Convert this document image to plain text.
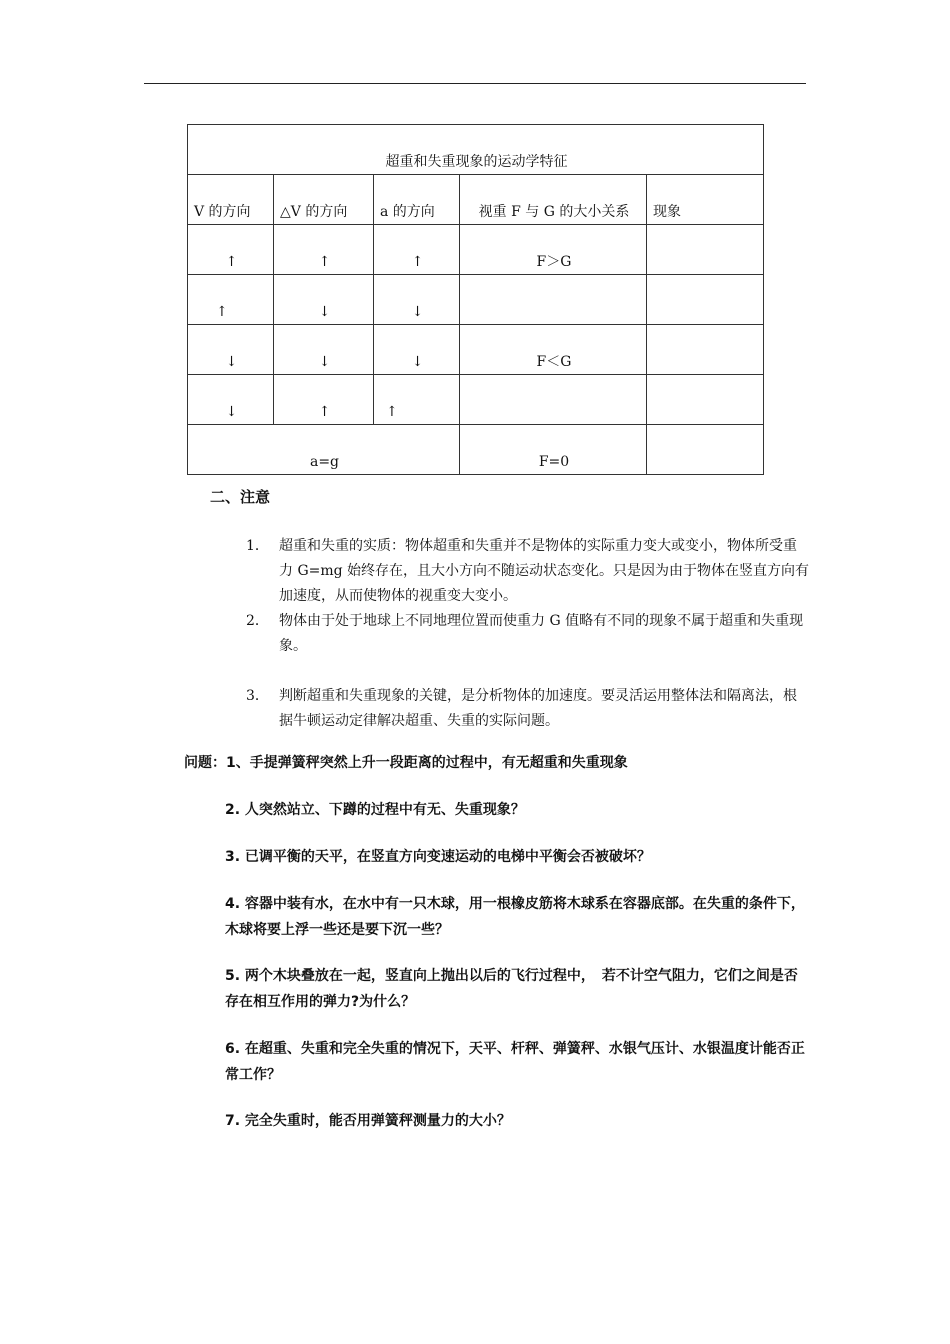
超重和失重现象的运动学特征				
V 的方向	△V 的方向	a 的方向	视重 F 与 G 的大小关系	现象
↑	↑	↑	F＞G	
↑	↓	↓		
↓	↓	↓	F＜G	
↓	↑	↑		
a=g			F=0	
二、注意
1． 超重和失重的实质：物体超重和失重并不是物体的实际重力变大或变小，物体所受重力 G=mg 始终存在，且大小方向不随运动状态变化。只是因为由于物体在竖直方向有加速度，从而使物体的视重变大变小。
2． 物体由于处于地球上不同地理位置而使重力 G 值略有不同的现象不属于超重和失重现象。
3． 判断超重和失重现象的关键，是分析物体的加速度。要灵活运用整体法和隔离法，根据牛顿运动定律解决超重、失重的实际问题。
问题：1、手提弹簧秤突然上升一段距离的过程中，有无超重和失重现象
2. 人突然站立、下蹲的过程中有无、失重现象？
3. 已调平衡的天平，在竖直方向变速运动的电梯中平衡会否被破坏？
4. 容器中装有水，在水中有一只木球，用一根橡皮筋将木球系在容器底部。在失重的条件下，木球将要上浮一些还是要下沉一些？
5. 两个木块叠放在一起，竖直向上抛出以后的飞行过程中，　若不计空气阻力，它们之间是否存在相互作用的弹力?为什么？
6. 在超重、失重和完全失重的情况下，天平、杆秤、弹簧秤、水银气压计、水银温度计能否正常工作？
7. 完全失重时，能否用弹簧秤测量力的大小？
